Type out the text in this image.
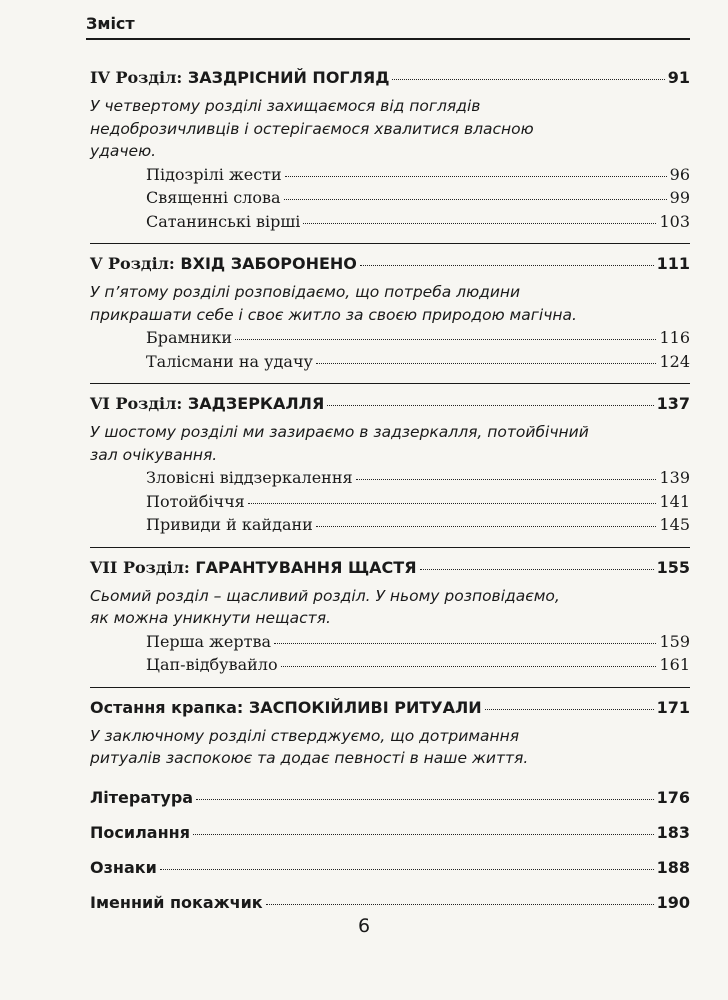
Зміст
IV Розділ: ЗАЗДРІСНИЙ ПОГЛЯД	91
У четвертому розділі захищаємося від поглядів
недоброзичливців і остерігаємося хвалитися власною
удачею.
Підозрілі жести	96
Священні слова	99
Сатанинські вірші	103
V Розділ: ВХІД ЗАБОРОНЕНО	111
У п’ятому розділі розповідаємо, що потреба людини
прикрашати себе і своє житло за своєю природою магічна.
Брамники	116
Талісмани на удачу	124
VI Розділ: ЗАДЗЕРКАЛЛЯ	137
У шостому розділі ми зазираємо в задзеркалля, потойбічний
зал очікування.
Зловісні віддзеркалення	139
Потойбіччя	141
Привиди й кайдани	145
VII Розділ: ГАРАНТУВАННЯ ЩАСТЯ	155
Сьомий розділ – щасливий розділ. У ньому розповідаємо,
як можна уникнути нещастя.
Перша жертва	159
Цап-відбувайло	161
Остання крапка: ЗАСПОКІЙЛИВІ РИТУАЛИ	171
У заключному розділі стверджуємо, що дотримання
ритуалів заспокоює та додає певності в наше життя.
Література	176
Посилання	183
Ознаки	188
Іменний покажчик	190
6
